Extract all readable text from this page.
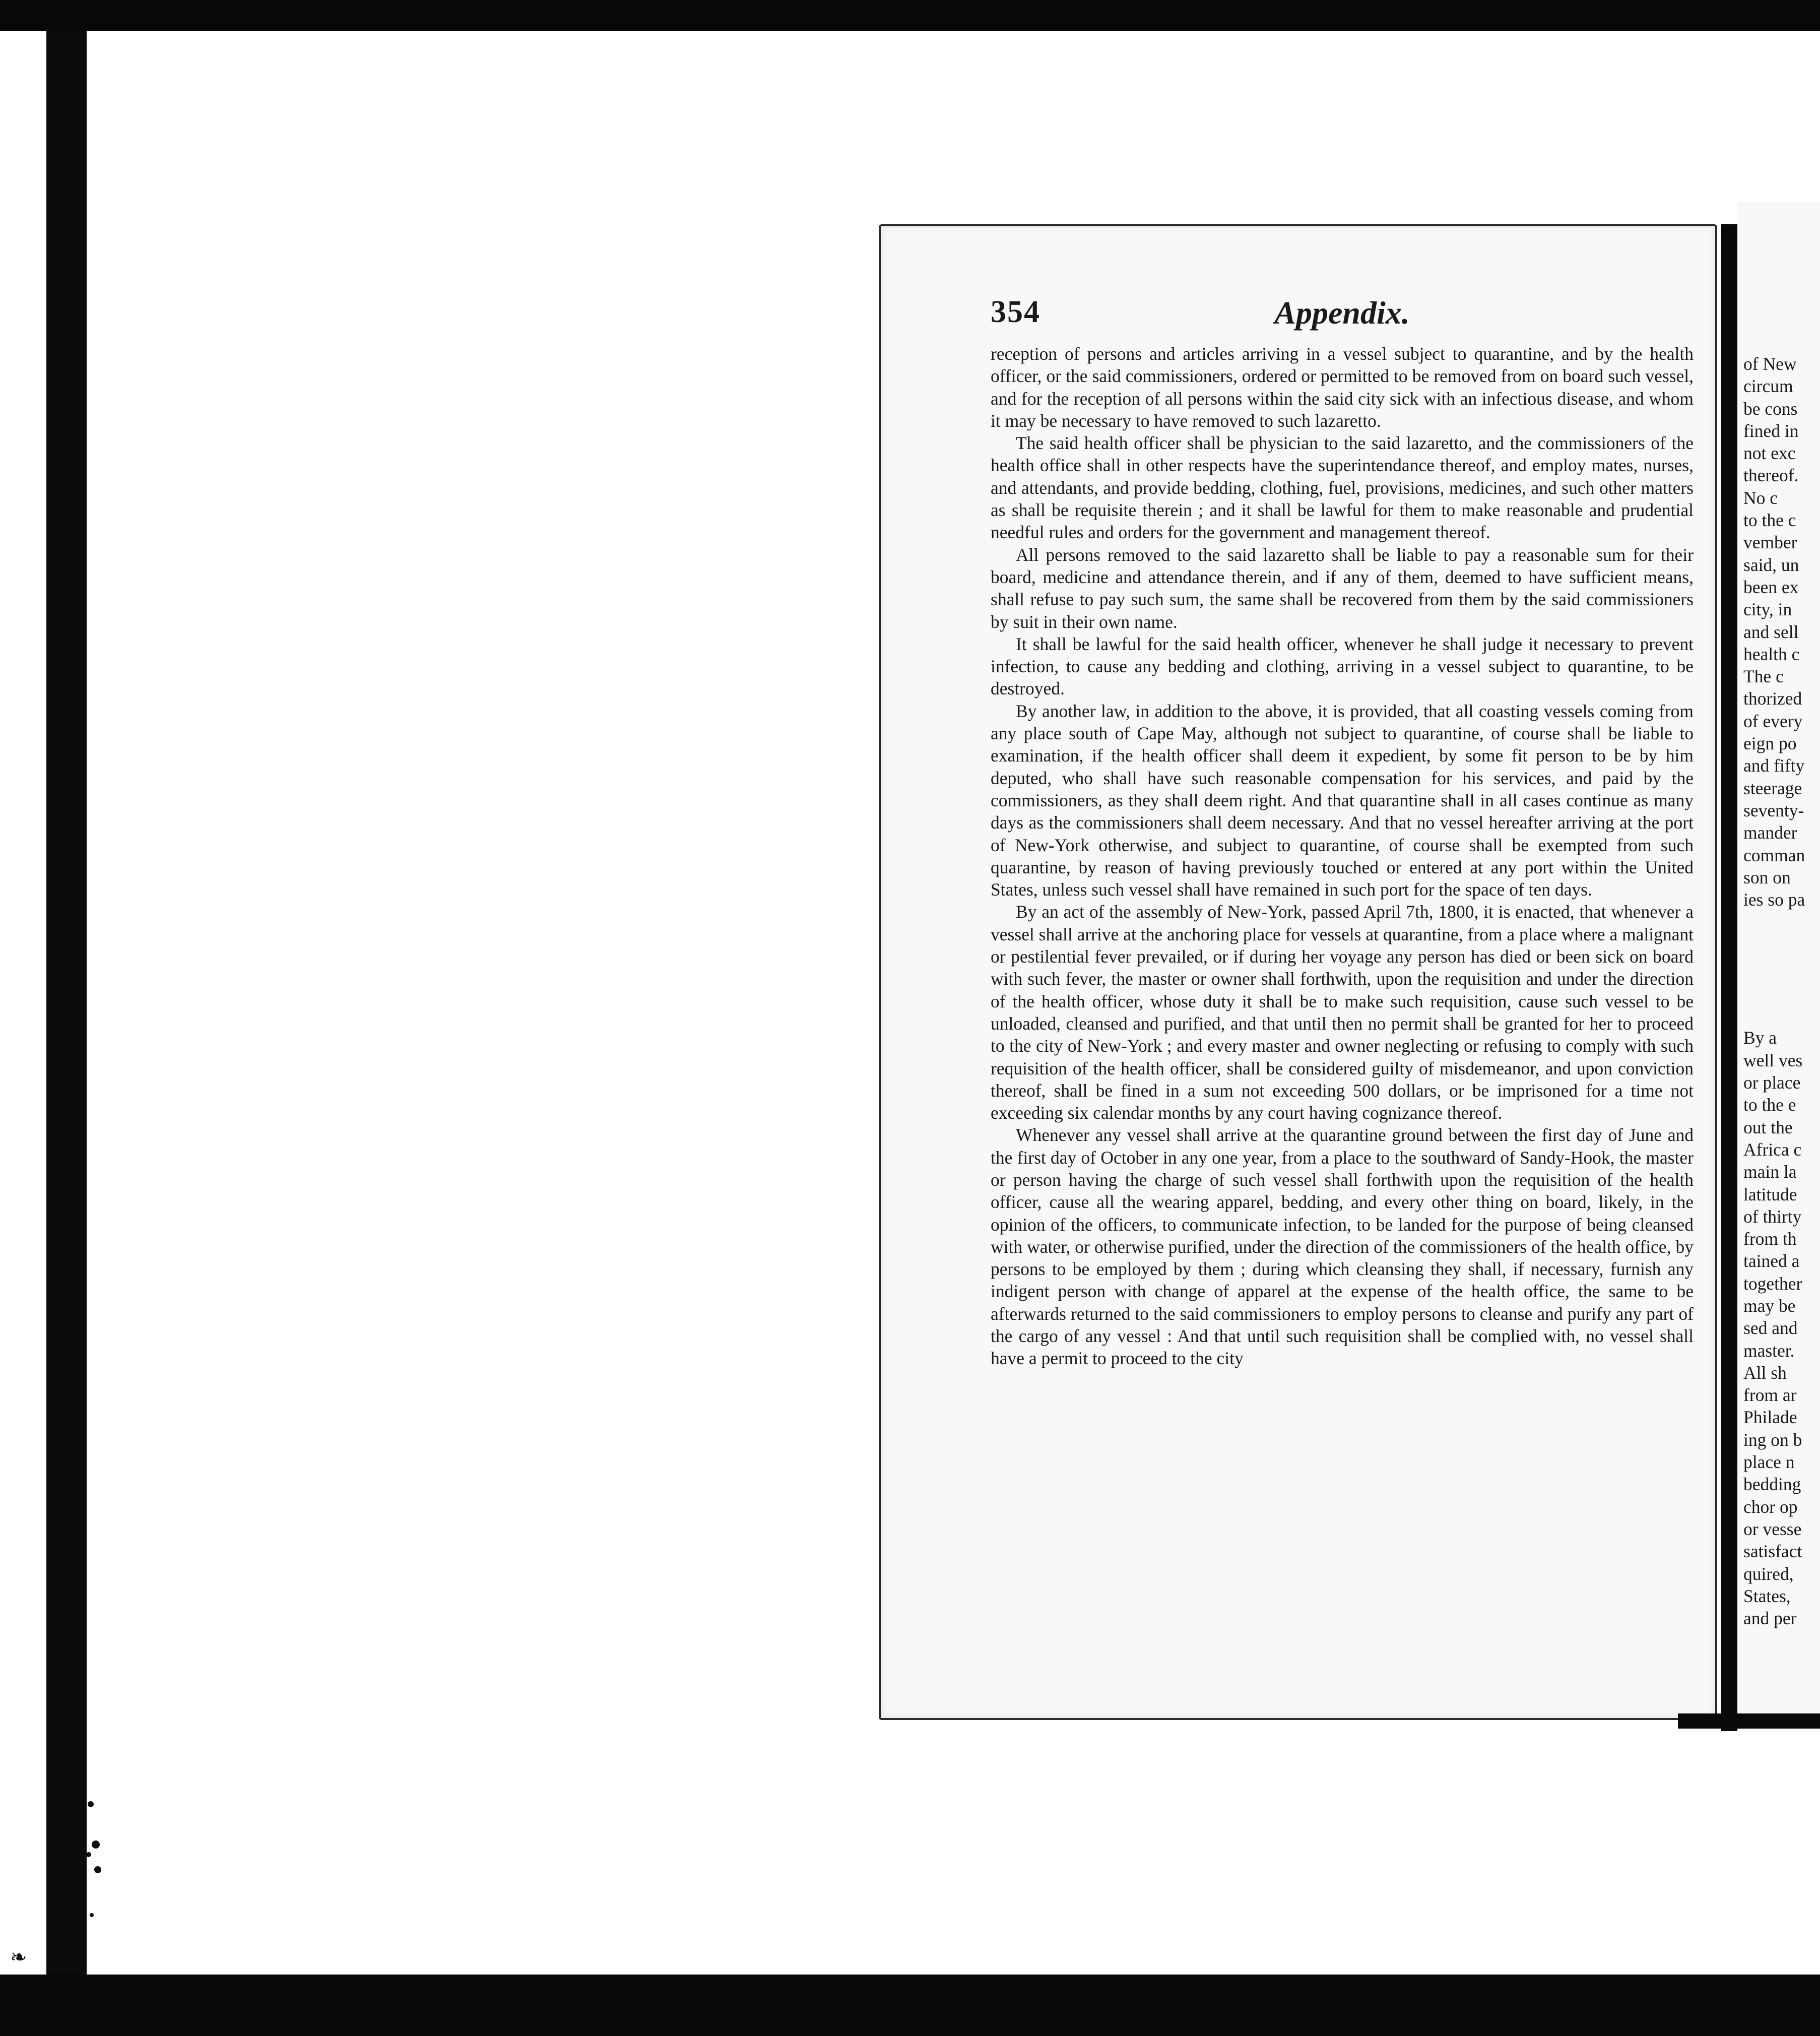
❧
354	Appendix.

reception of persons and articles arriving in a vessel subject to quarantine, and by the health officer, or the said commissioners, ordered or permitted to be removed from on board such vessel, and for the reception of all persons within the said city sick with an infectious disease, and whom it may be necessary to have removed to such lazaretto.

The said health officer shall be physician to the said lazaretto, and the commissioners of the health office shall in other respects have the superintendance thereof, and employ mates, nurses, and attendants, and provide bedding, clothing, fuel, provisions, medicines, and such other matters as shall be requisite therein ; and it shall be lawful for them to make reasonable and prudential needful rules and orders for the government and management thereof.

All persons removed to the said lazaretto shall be liable to pay a reasonable sum for their board, medicine and attendance therein, and if any of them, deemed to have sufficient means, shall refuse to pay such sum, the same shall be recovered from them by the said commissioners by suit in their own name.

It shall be lawful for the said health officer, whenever he shall judge it necessary to prevent infection, to cause any bedding and clothing, arriving in a vessel subject to quarantine, to be destroyed.

By another law, in addition to the above, it is provided, that all coasting vessels coming from any place south of Cape May, although not subject to quarantine, of course shall be liable to examination, if the health officer shall deem it expedient, by some fit person to be by him deputed, who shall have such reasonable compensation for his services, and paid by the commissioners, as they shall deem right. And that quarantine shall in all cases continue as many days as the commissioners shall deem necessary. And that no vessel hereafter arriving at the port of New-York otherwise, and subject to quarantine, of course shall be exempted from such quarantine, by reason of having previously touched or entered at any port within the United States, unless such vessel shall have remained in such port for the space of ten days.

By an act of the assembly of New-York, passed April 7th, 1800, it is enacted, that whenever a vessel shall arrive at the anchoring place for vessels at quarantine, from a place where a malignant or pestilential fever prevailed, or if during her voyage any person has died or been sick on board with such fever, the master or owner shall forthwith, upon the requisition and under the direction of the health officer, whose duty it shall be to make such requisition, cause such vessel to be unloaded, cleansed and purified, and that until then no permit shall be granted for her to proceed to the city of New-York ; and every master and owner neglecting or refusing to comply with such requisition of the health officer, shall be considered guilty of misdemeanor, and upon conviction thereof, shall be fined in a sum not exceeding 500 dollars, or be imprisoned for a time not exceeding six calendar months by any court having cognizance thereof.

Whenever any vessel shall arrive at the quarantine ground between the first day of June and the first day of October in any one year, from a place to the southward of Sandy-Hook, the master or person having the charge of such vessel shall forthwith upon the requisition of the health officer, cause all the wearing apparel, bedding, and every other thing on board, likely, in the opinion of the officers, to communicate infection, to be landed for the purpose of being cleansed with water, or otherwise purified, under the direction of the commissioners of the health office, by persons to be employed by them ; during which cleansing they shall, if necessary, furnish any indigent person with change of apparel at the expense of the health office, the same to be afterwards returned to the said commissioners to employ persons to cleanse and purify any part of the cargo of any vessel : And that until such requisition shall be complied with, no vessel shall have a permit to proceed to the city

of New
circum
be cons
fined in
not exc
thereof.
No c
to the c
vember
said, un
been ex
city, in
and sell
health c
The c
thorized
of every
eign po
and fifty
steerage
seventy-
mander
comman
son on
ies so pa
By a
well ves
or place
to the e
out the
Africa c
main la
latitude
of thirty
from th
tained a
together
may be
sed and
master.
All sh
from ar
Philade
ing on b
place n
bedding
chor op
or vesse
satisfact
quired,
States,
and per
